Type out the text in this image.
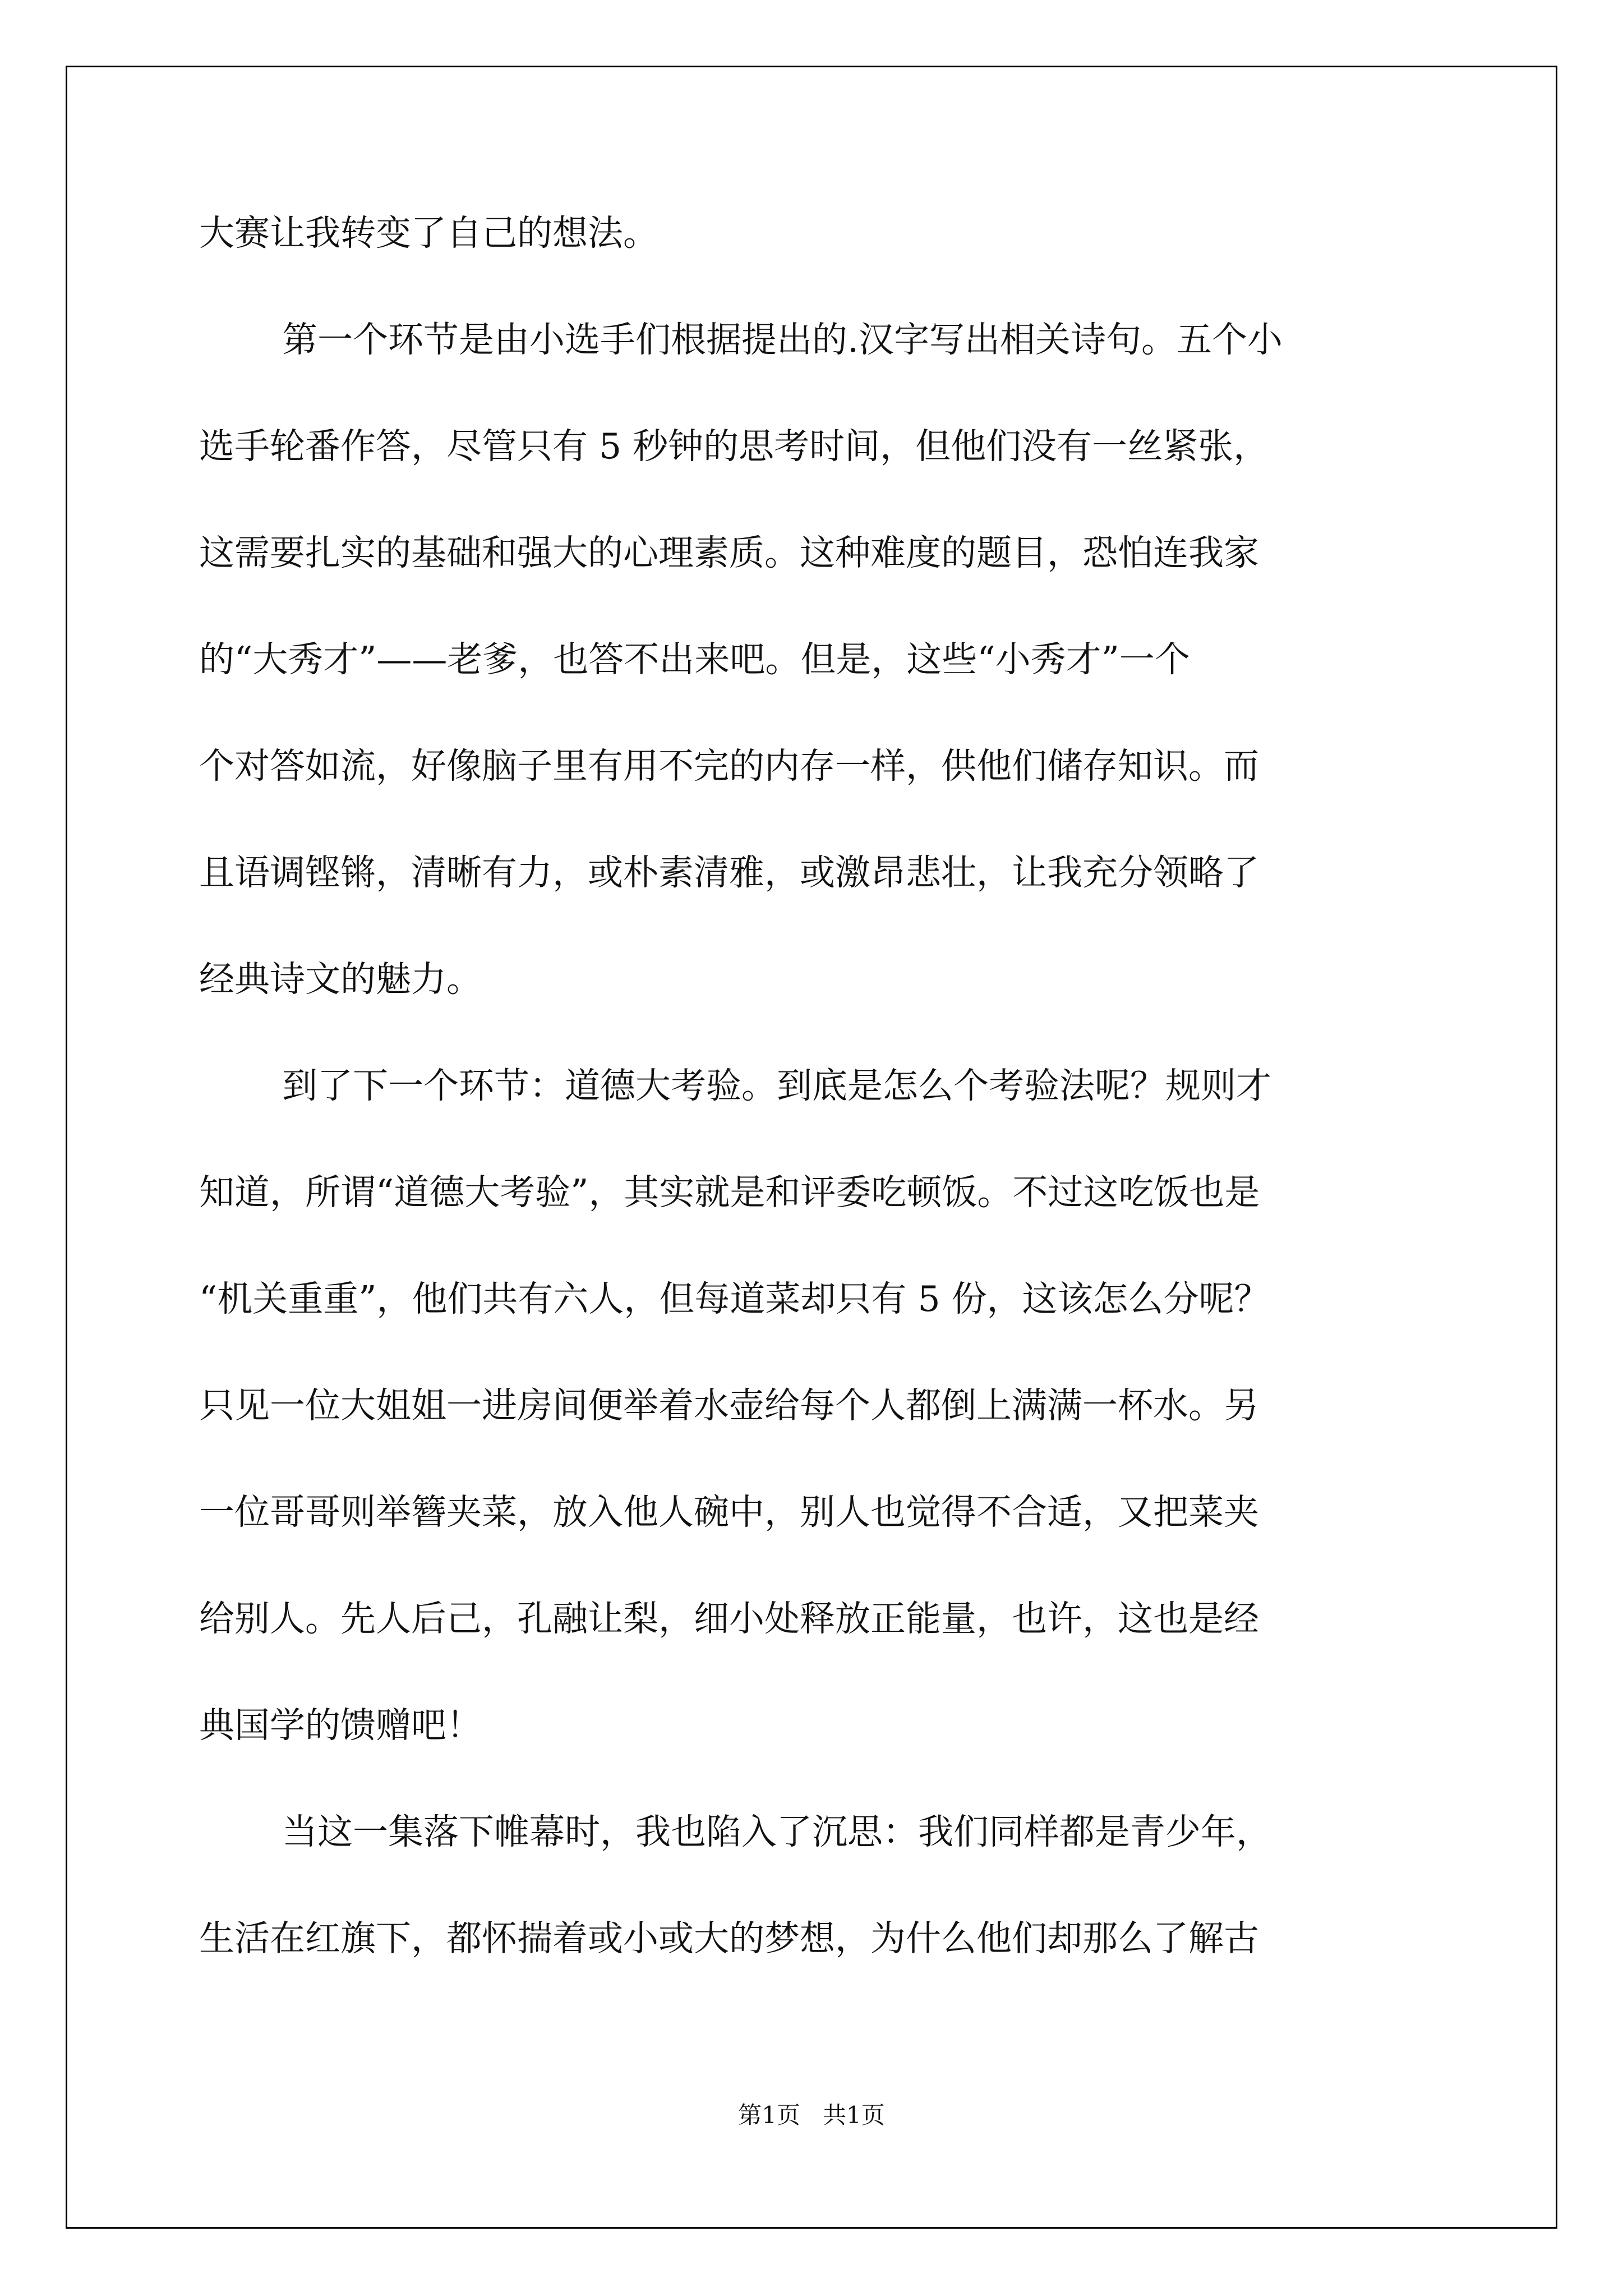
大赛让我转变了自己的想法。
第一个环节是由小选手们根据提出的.汉字写出相关诗句。五个小
选手轮番作答，尽管只有 5 秒钟的思考时间，但他们没有一丝紧张，
这需要扎实的基础和强大的心理素质。这种难度的题目，恐怕连我家
的“大秀才”——老爹，也答不出来吧。但是，这些“小秀才”一个
个对答如流，好像脑子里有用不完的内存一样，供他们储存知识。而
且语调铿锵，清晰有力，或朴素清雅，或激昂悲壮，让我充分领略了
经典诗文的魅力。
到了下一个环节：道德大考验。到底是怎么个考验法呢？规则才
知道，所谓“道德大考验”，其实就是和评委吃顿饭。不过这吃饭也是
“机关重重”，他们共有六人，但每道菜却只有 5 份，这该怎么分呢？
只见一位大姐姐一进房间便举着水壶给每个人都倒上满满一杯水。另
一位哥哥则举簪夹菜，放入他人碗中，别人也觉得不合适，又把菜夹
给别人。先人后己，孔融让梨，细小处释放正能量，也许，这也是经
典国学的馈赠吧！
当这一集落下帷幕时，我也陷入了沉思：我们同样都是青少年，
生活在红旗下，都怀揣着或小或大的梦想，为什么他们却那么了解古
第1页   共1页
